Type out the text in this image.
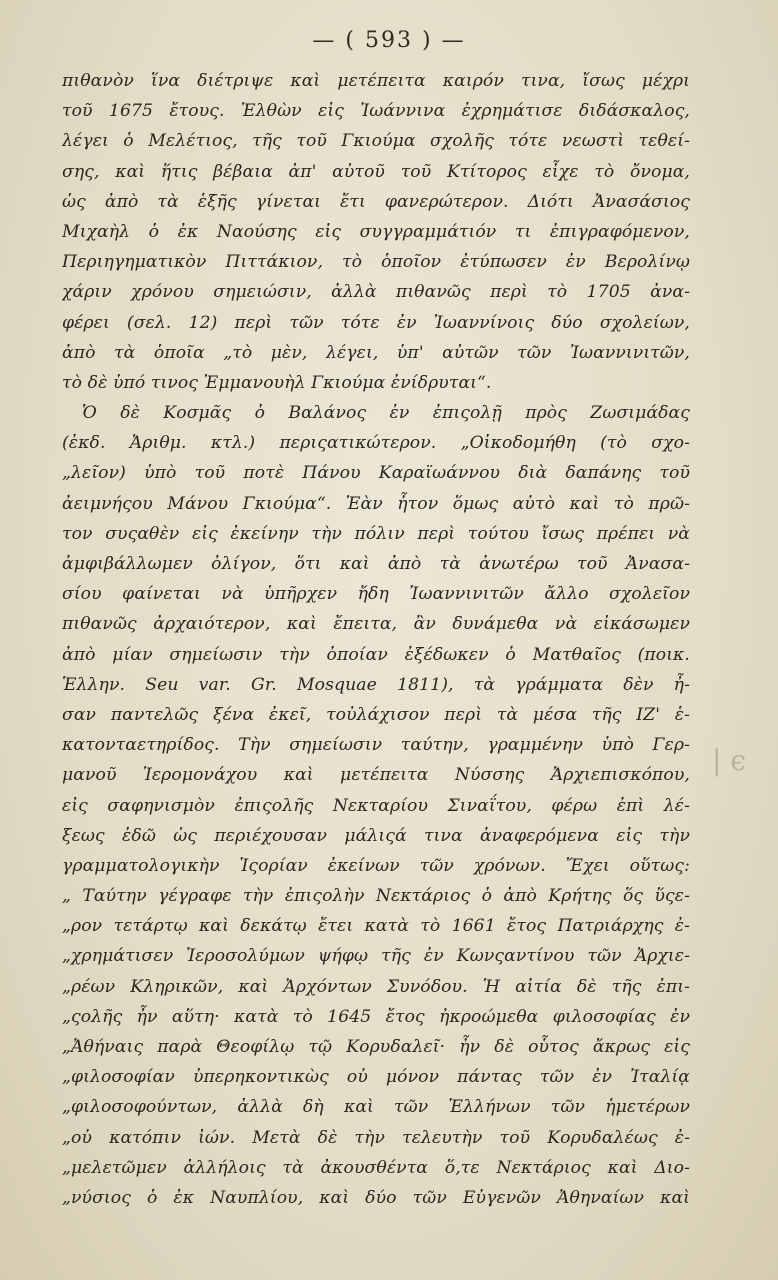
— ( 593 ) —
πιθανὸν ἵνα διέτριψε καὶ μετέπειτα καιρόν τινα, ἴσως μέχρι
τοῦ 1675 ἔτους. Ἐλθὼν εἰς Ἰωάννινα ἐχρημάτισε διδάσκαλος,
λέγει ὁ Μελέτιος, τῆς τοῦ Γκιούμα σχολῆς τότε νεωστὶ τεθεί-
σης, καὶ ἥτις βέβαια ἀπ' αὐτοῦ τοῦ Κτίτορος εἶχε τὸ ὄνομα,
ὡς ἀπὸ τὰ ἑξῆς γίνεται ἔτι φανερώτερον. Διότι Ἀνασάσιος
Μιχαὴλ ὁ ἐκ Ναούσης εἰς συγγραμμάτιόν τι ἐπιγραφόμενον,
Περιηγηματικὸν Πιττάκιον, τὸ ὁποῖον ἐτύπωσεν ἐν Βερολίνῳ
χάριν χρόνου σημειώσιν, ἀλλὰ πιθανῶς περὶ τὸ 1705 ἀνα-
φέρει (σελ. 12) περὶ τῶν τότε ἐν Ἰωαννίνοις δύο σχολείων,
ἀπὸ τὰ ὁποῖα „τὸ μὲν, λέγει, ὑπ' αὐτῶν τῶν Ἰωαννινιτῶν,
τὸ δὲ ὑπό τινος Ἐμμανουὴλ Γκιούμα ἐνίδρυται“.
Ὁ δὲ Κοσμᾶς ὁ Βαλάνος ἐν ἐπιςολῇ πρὸς Ζωσιμάδας
(ἐκδ. Ἀριθμ. κτλ.) περιςατικώτερον. „Οἰκοδομήθη (τὸ σχο-
„λεῖον) ὑπὸ τοῦ ποτὲ Πάνου Καραϊωάννου διὰ δαπάνης τοῦ
ἀειμνήςου Μάνου Γκιούμα“. Ἐὰν ἦτον ὅμως αὐτὸ καὶ τὸ πρῶ-
τον συςαθὲν εἰς ἐκείνην τὴν πόλιν περὶ τούτου ἴσως πρέπει νὰ
ἀμφιβάλλωμεν ὀλίγον, ὅτι καὶ ἀπὸ τὰ ἀνωτέρω τοῦ Ἀνασα-
σίου φαίνεται νὰ ὑπῆρχεν ἤδη Ἰωαννινιτῶν ἄλλο σχολεῖον
πιθανῶς ἀρχαιότερον, καὶ ἔπειτα, ἂν δυνάμεθα νὰ εἰκάσωμεν
ἀπὸ μίαν σημείωσιν τὴν ὁποίαν ἐξέδωκεν ὁ Ματθαῖος (ποικ.
Ἑλλην. Seu var. Gr. Mosquae 1811), τὰ γράμματα δὲν ἦ-
σαν παντελῶς ξένα ἐκεῖ, τοὐλάχισον περὶ τὰ μέσα τῆς ΙΖ' ἑ-
κατονταετηρίδος. Τὴν σημείωσιν ταύτην, γραμμένην ὑπὸ Γερ-
μανοῦ Ἱερομονάχου καὶ μετέπειτα Νύσσης Ἀρχιεπισκόπου,
εἰς σαφηνισμὸν ἐπιςολῆς Νεκταρίου Σιναΐτου, φέρω ἐπὶ λέ-
ξεως ἐδῶ ὡς περιέχουσαν μάλιςά τινα ἀναφερόμενα εἰς τὴν
γραμματολογικὴν Ἱςορίαν ἐκείνων τῶν χρόνων. Ἔχει οὕτως:
„ Ταύτην γέγραφε τὴν ἐπιςολὴν Νεκτάριος ὁ ἀπὸ Κρήτης ὅς ὕςε-
„ρον τετάρτῳ καὶ δεκάτῳ ἔτει κατὰ τὸ 1661 ἔτος Πατριάρχης ἐ-
„χρημάτισεν Ἱεροσολύμων ψήφῳ τῆς ἐν Κωνςαντίνου τῶν Ἀρχιε-
„ρέων Κληρικῶν, καὶ Ἀρχόντων Συνόδου. Ἡ αἰτία δὲ τῆς ἐπι-
„ςολῆς ἦν αὕτη· κατὰ τὸ 1645 ἔτος ἠκροώμεθα φιλοσοφίας ἐν
„Ἀθήναις παρὰ Θεοφίλῳ τῷ Κορυδαλεῖ· ἦν δὲ οὗτος ἄκρως εἰς
„φιλοσοφίαν ὑπερηκοντικὼς οὐ μόνον πάντας τῶν ἐν Ἰταλίᾳ
„φιλοσοφούντων, ἀλλὰ δὴ καὶ τῶν Ἑλλήνων τῶν ἡμετέρων
„οὐ κατόπιν ἰών. Μετὰ δὲ τὴν τελευτὴν τοῦ Κορυδαλέως ἐ-
„μελετῶμεν ἀλλήλοις τὰ ἀκουσθέντα ὅ,τε Νεκτάριος καὶ Διο-
„νύσιος ὁ ἐκ Ναυπλίου, καὶ δύο τῶν Εὐγενῶν Ἀθηναίων καὶ
| ϵ
